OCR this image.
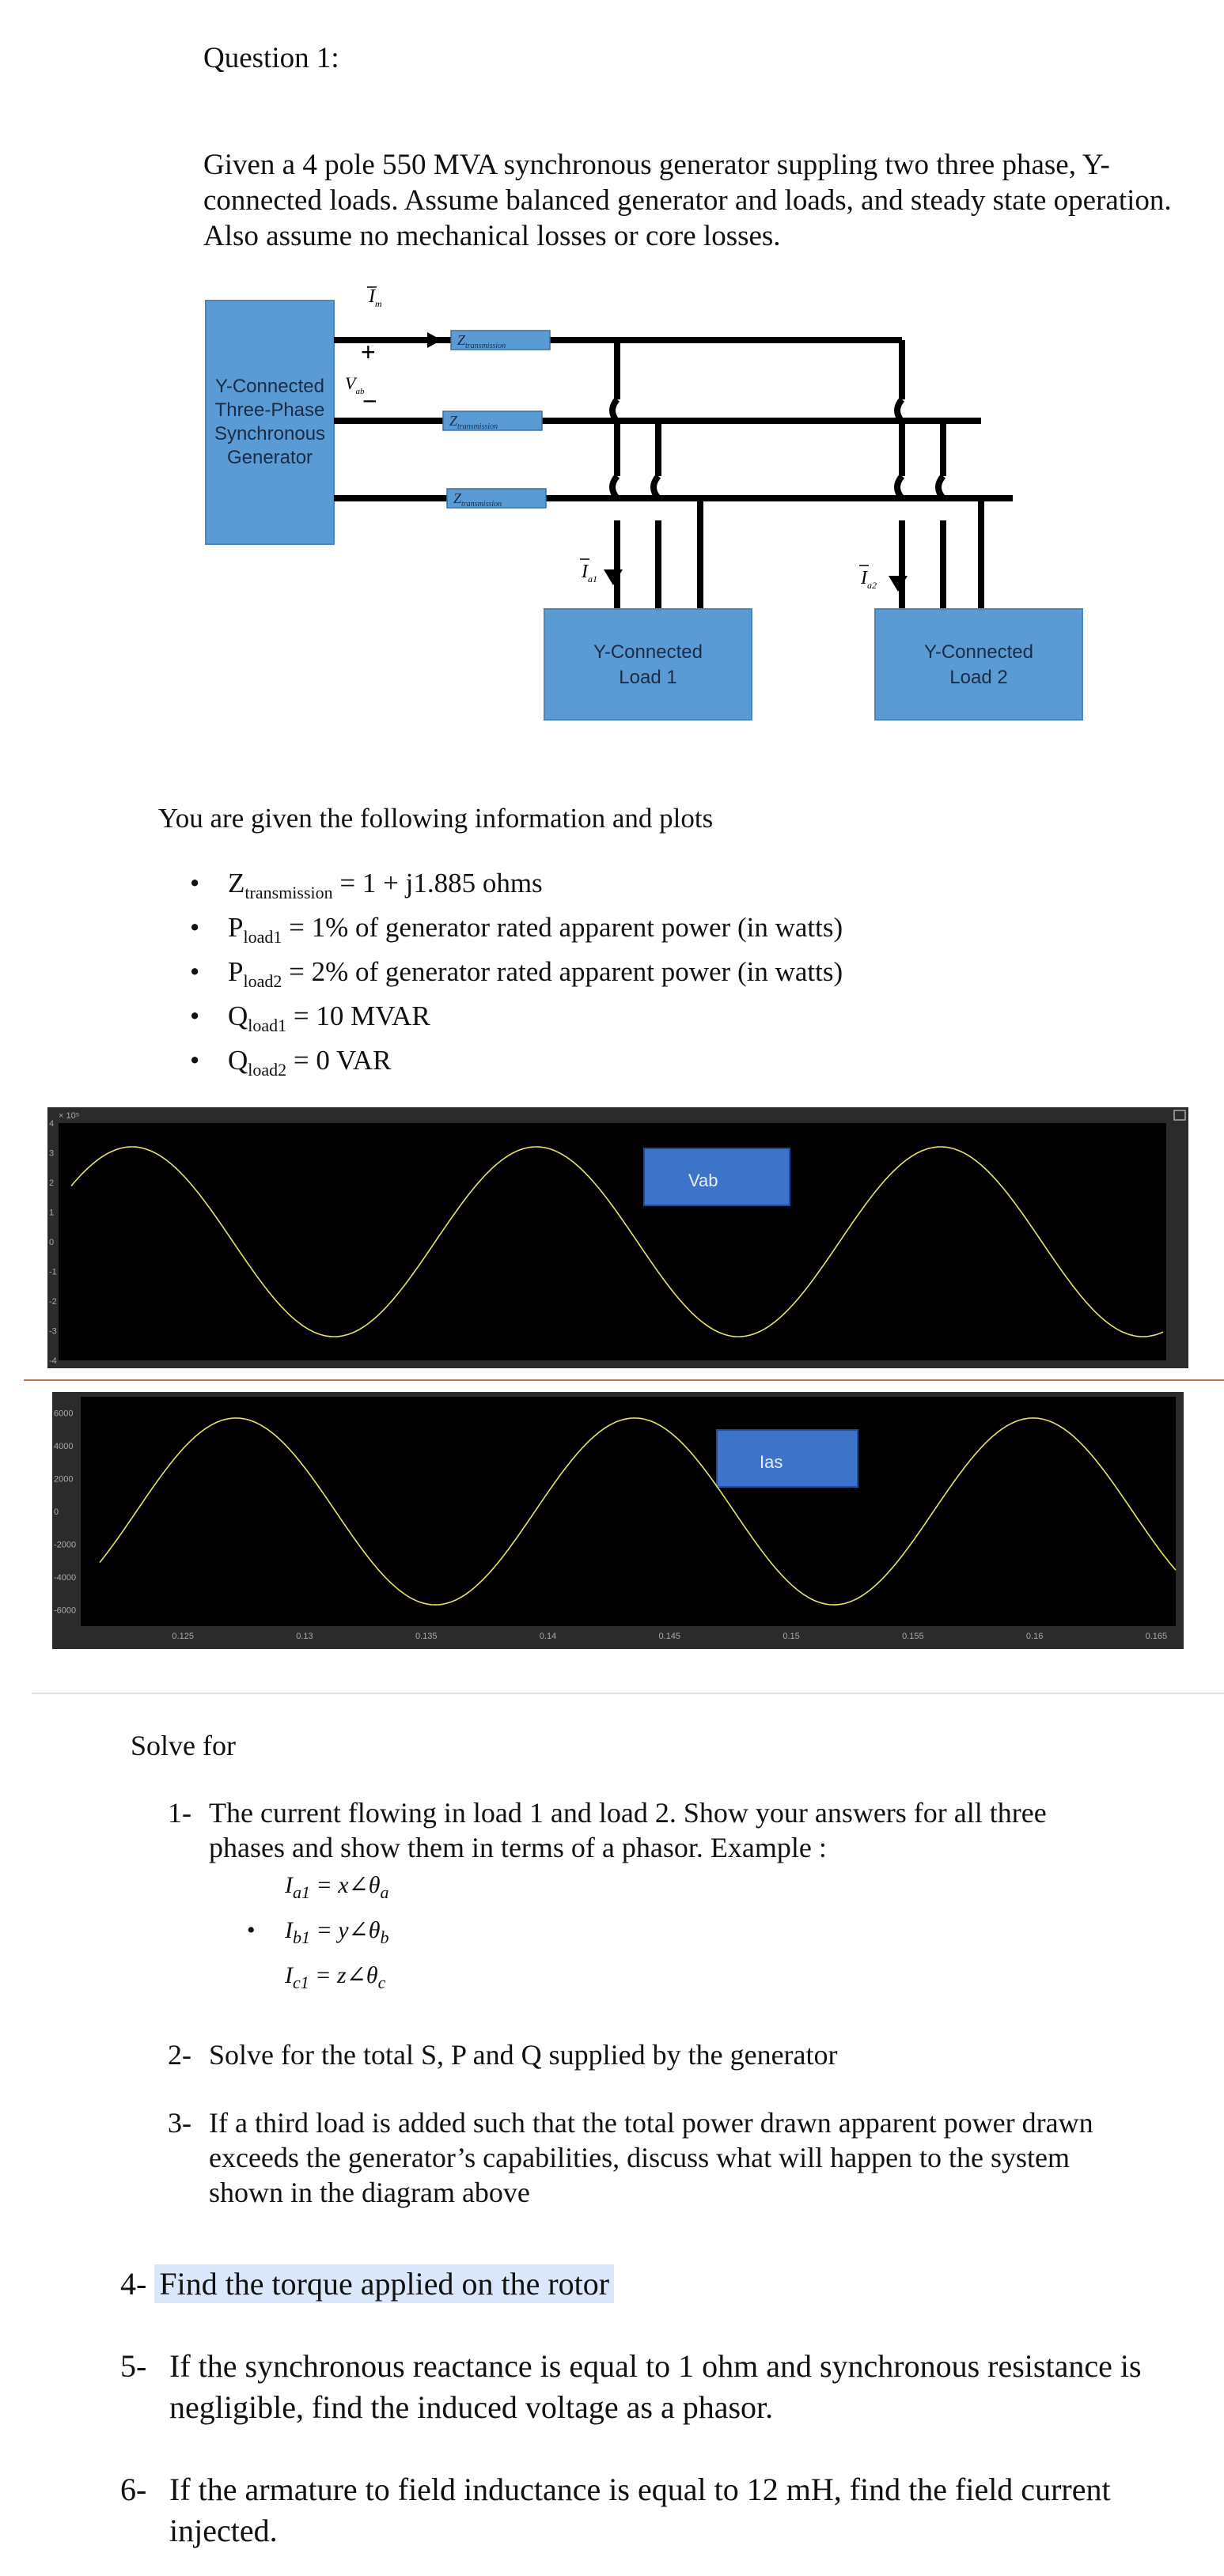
Question 1:
Given a 4 pole 550 MVA synchronous generator suppling two three phase, Y-connected loads. Assume balanced generator and loads, and steady state operation. Also assume no mechanical losses or core losses.
Y-Connected
Three-Phase
Synchronous
Generator
$Z_{transmission}$
$Z_{transmission}$
$Z_{transmission}$
$I_m$
+
$V_{ab}$
−
$I_{a1}$	$I_{a2}$
Y-Connected
Load 1
Y-Connected
Load 2
You are given the following information and plots
• $Z_{transmission} = 1 + j1.885$ ohms
• $P_{load1} = 1\%$ of generator rated apparent power (in watts)
• $P_{load2} = 2\%$ of generator rated apparent power (in watts)
• $Q_{load1} = 10$ MVAR
• $Q_{load2} = 0$ VAR
× 10⁵
4
3
2
1
0
-1
-2
-3
-4
Vab
6000
4000
2000
0
-2000
-4000
-6000
0.125	0.13	0.135	0.14	0.145	0.15	0.155	0.16	0.165
Ias
Solve for
1- The current flowing in load 1 and load 2. Show your answers for all three phases and show them in terms of a phasor. Example :
$I_{a1}$ = $x\angle\theta_a$
• $I_{b1}$ = $y\angle\theta_b$
$I_{c1}$ = $z\angle\theta_c$
2- Solve for the total S, P and Q supplied by the generator
3- If a third load is added such that the total power drawn apparent power drawn exceeds the generator’s capabilities, discuss what will happen to the system shown in the diagram above
4- Find the torque applied on the rotor
5- If the synchronous reactance is equal to 1 ohm and synchronous resistance is negligible, find the induced voltage as a phasor.
6- If the armature to field inductance is equal to 12 mH, find the field current injected.
